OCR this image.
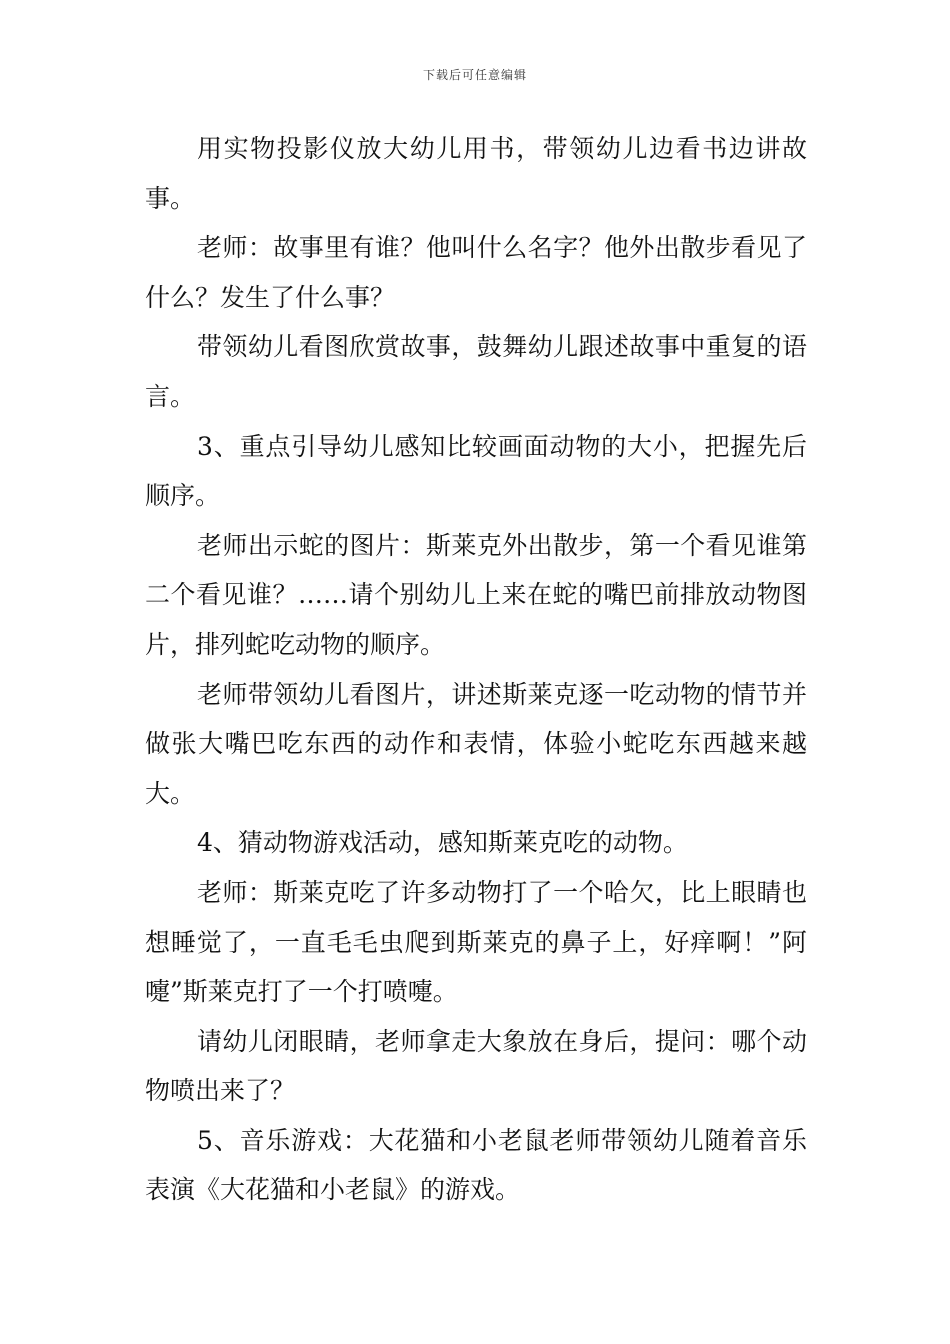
下载后可任意编辑

用实物投影仪放大幼儿用书，带领幼儿边看书边讲故事。

老师：故事里有谁？他叫什么名字？他外出散步看见了什么？发生了什么事？

带领幼儿看图欣赏故事，鼓舞幼儿跟述故事中重复的语言。

3、重点引导幼儿感知比较画面动物的大小，把握先后顺序。

老师出示蛇的图片：斯莱克外出散步，第一个看见谁第二个看见谁？……请个别幼儿上来在蛇的嘴巴前排放动物图片，排列蛇吃动物的顺序。

老师带领幼儿看图片，讲述斯莱克逐一吃动物的情节并做张大嘴巴吃东西的动作和表情，体验小蛇吃东西越来越大。

4、猜动物游戏活动，感知斯莱克吃的动物。

老师：斯莱克吃了许多动物打了一个哈欠，比上眼睛也想睡觉了，一直毛毛虫爬到斯莱克的鼻子上，好痒啊！”阿嚏”斯莱克打了一个打喷嚏。

请幼儿闭眼睛，老师拿走大象放在身后，提问：哪个动物喷出来了？

5、音乐游戏：大花猫和小老鼠老师带领幼儿随着音乐表演《大花猫和小老鼠》的游戏。
